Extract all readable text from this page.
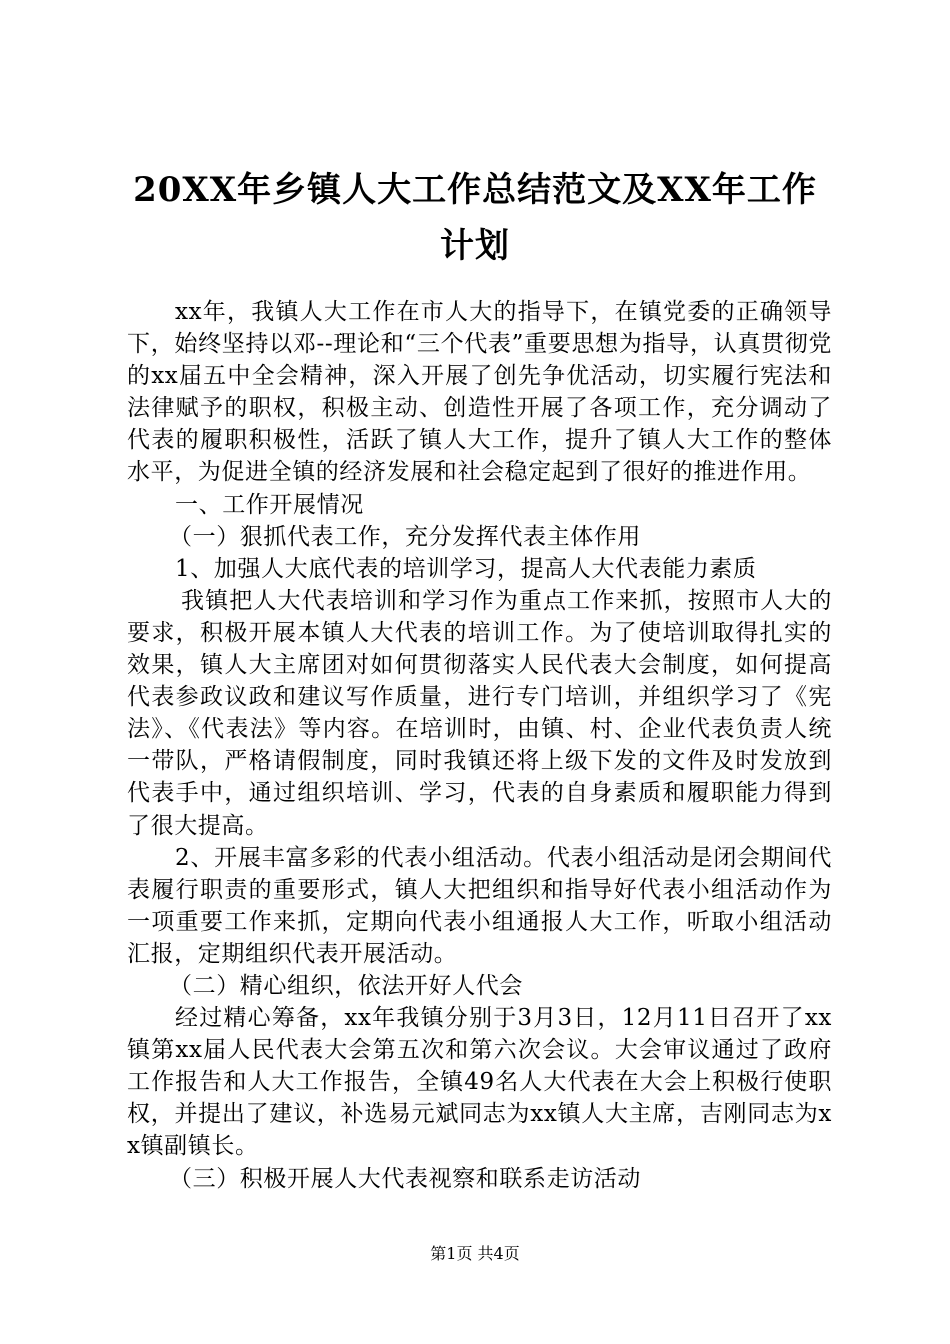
20XX年乡镇人大工作总结范文及XX年工作计划

xx年，我镇人大工作在市人大的指导下，在镇党委的正确领导下，始终坚持以邓--理论和“三个代表”重要思想为指导，认真贯彻党的xx届五中全会精神，深入开展了创先争优活动，切实履行宪法和法律赋予的职权，积极主动、创造性开展了各项工作，充分调动了代表的履职积极性，活跃了镇人大工作，提升了镇人大工作的整体水平，为促进全镇的经济发展和社会稳定起到了很好的推进作用。

一、工作开展情况

（一）狠抓代表工作，充分发挥代表主体作用

1、加强人大底代表的培训学习，提高人大代表能力素质

我镇把人大代表培训和学习作为重点工作来抓，按照市人大的要求，积极开展本镇人大代表的培训工作。为了使培训取得扎实的效果，镇人大主席团对如何贯彻落实人民代表大会制度，如何提高代表参政议政和建议写作质量，进行专门培训，并组织学习了《宪法》、《代表法》等内容。在培训时，由镇、村、企业代表负责人统一带队，严格请假制度，同时我镇还将上级下发的文件及时发放到代表手中，通过组织培训、学习，代表的自身素质和履职能力得到了很大提高。

2、开展丰富多彩的代表小组活动。代表小组活动是闭会期间代表履行职责的重要形式，镇人大把组织和指导好代表小组活动作为一项重要工作来抓，定期向代表小组通报人大工作，听取小组活动汇报，定期组织代表开展活动。

（二）精心组织，依法开好人代会

经过精心筹备，xx年我镇分别于3月3日，12月11日召开了xx镇第xx届人民代表大会第五次和第六次会议。大会审议通过了政府工作报告和人大工作报告，全镇49名人大代表在大会上积极行使职权，并提出了建议，补选易元斌同志为xx镇人大主席，吉刚同志为xx镇副镇长。

（三）积极开展人大代表视察和联系走访活动

第1页 共4页
